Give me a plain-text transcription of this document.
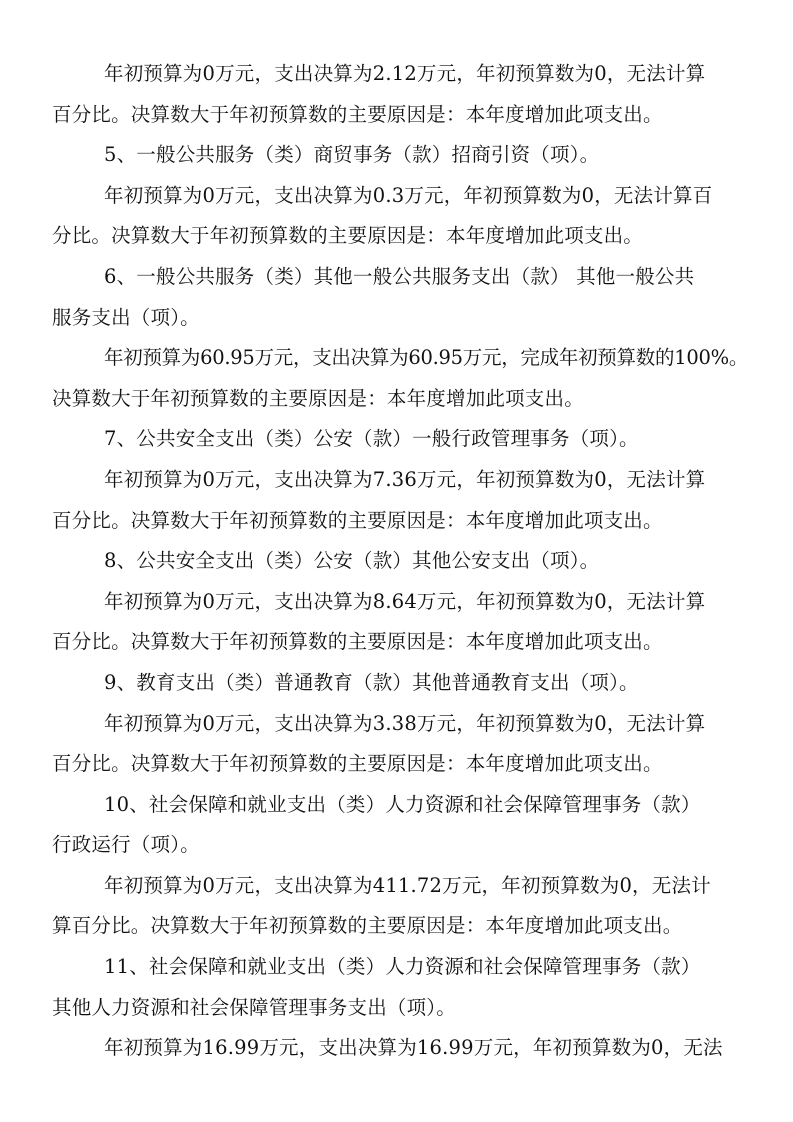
年初预算为0万元，支出决算为2.12万元，年初预算数为0，无法计算
百分比。决算数大于年初预算数的主要原因是：本年度增加此项支出。
5、一般公共服务（类）商贸事务（款）招商引资（项）。
年初预算为0万元，支出决算为0.3万元，年初预算数为0，无法计算百
分比。决算数大于年初预算数的主要原因是：本年度增加此项支出。
6、一般公共服务（类）其他一般公共服务支出（款） 其他一般公共
服务支出（项）。
年初预算为60.95万元，支出决算为60.95万元，完成年初预算数的100%。
决算数大于年初预算数的主要原因是：本年度增加此项支出。
7、公共安全支出（类）公安（款）一般行政管理事务（项）。
年初预算为0万元，支出决算为7.36万元，年初预算数为0，无法计算
百分比。决算数大于年初预算数的主要原因是：本年度增加此项支出。
8、公共安全支出（类）公安（款）其他公安支出（项）。
年初预算为0万元，支出决算为8.64万元，年初预算数为0，无法计算
百分比。决算数大于年初预算数的主要原因是：本年度增加此项支出。
9、教育支出（类）普通教育（款）其他普通教育支出（项）。
年初预算为0万元，支出决算为3.38万元，年初预算数为0，无法计算
百分比。决算数大于年初预算数的主要原因是：本年度增加此项支出。
10、社会保障和就业支出（类）人力资源和社会保障管理事务（款）
行政运行（项）。
年初预算为0万元，支出决算为411.72万元，年初预算数为0，无法计
算百分比。决算数大于年初预算数的主要原因是：本年度增加此项支出。
11、社会保障和就业支出（类）人力资源和社会保障管理事务（款）
其他人力资源和社会保障管理事务支出（项）。
年初预算为16.99万元，支出决算为16.99万元，年初预算数为0，无法
